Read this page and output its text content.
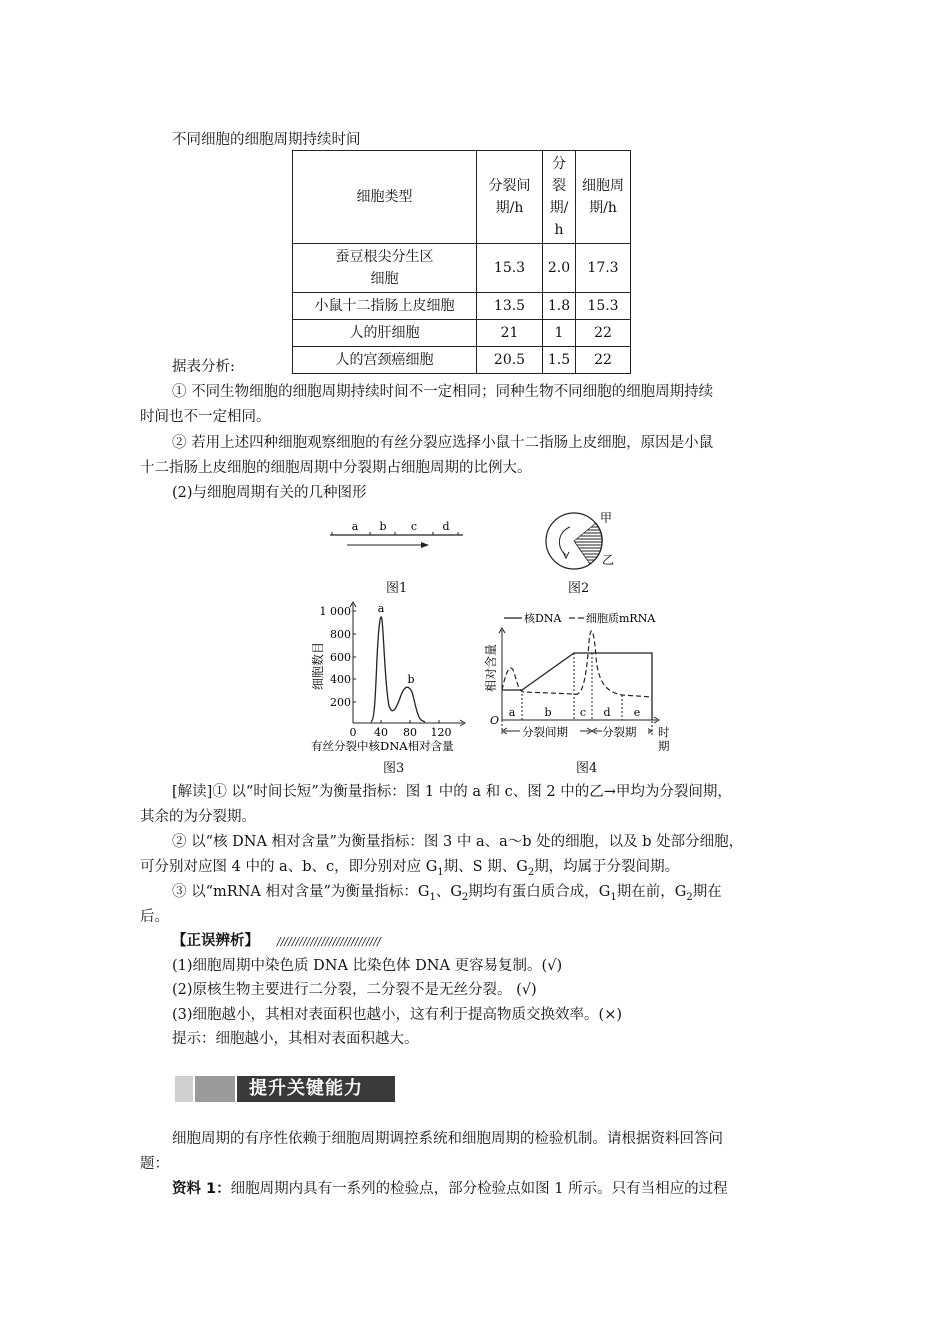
不同细胞的细胞周期持续时间
细胞类型	分裂间期/h	分裂期/h	细胞周期/h
蚕豆根尖分生区细胞	15.3	2.0	17.3
小鼠十二指肠上皮细胞	13.5	1.8	15.3
人的肝细胞	21	1	22
人的宫颈癌细胞	20.5	1.5	22
据表分析:
① 不同生物细胞的细胞周期持续时间不一定相同；同种生物不同细胞的细胞周期持续
时间也不一定相同。
② 若用上述四种细胞观察细胞的有丝分裂应选择小鼠十二指肠上皮细胞，原因是小鼠
十二指肠上皮细胞的细胞周期中分裂期占细胞周期的比例大。
(2)与细胞周期有关的几种图形
a b c d
图1
甲
乙
图2
a
b
1 000
800
600
400
200
0 40 80 120
有丝分裂中核DNA相对含量
细胞数目
图3
核DNA 细胞质mRNA
O
相对含量
a	b	c d e
分裂间期	分裂期 时
期
图4
[解读]① 以“时间长短”为衡量指标：图 1 中的 a 和 c、图 2 中的乙→甲均为分裂间期，
其余的为分裂期。
② 以“核 DNA 相对含量”为衡量指标：图 3 中 a、a～b 处的细胞，以及 b 处部分细胞，
可分别对应图 4 中的 a、b、c，即分别对应 $G_1$期、S 期、$G_2$期，均属于分裂间期。
③ 以“mRNA 相对含量”为衡量指标：$G_1$、$G_2$期均有蛋白质合成，$G_1$期在前，$G_2$期在
后。
【正误辨析】 ////////////////////////////
(1)细胞周期中染色质 DNA 比染色体 DNA 更容易复制。(√)
(2)原核生物主要进行二分裂，二分裂不是无丝分裂。 (√)
(3)细胞越小，其相对表面积也越小，这有利于提高物质交换效率。(×)
提示：细胞越小，其相对表面积越大。
提升关键能力
细胞周期的有序性依赖于细胞周期调控系统和细胞周期的检验机制。请根据资料回答问
题：
资料 1：细胞周期内具有一系列的检验点，部分检验点如图 1 所示。只有当相应的过程
